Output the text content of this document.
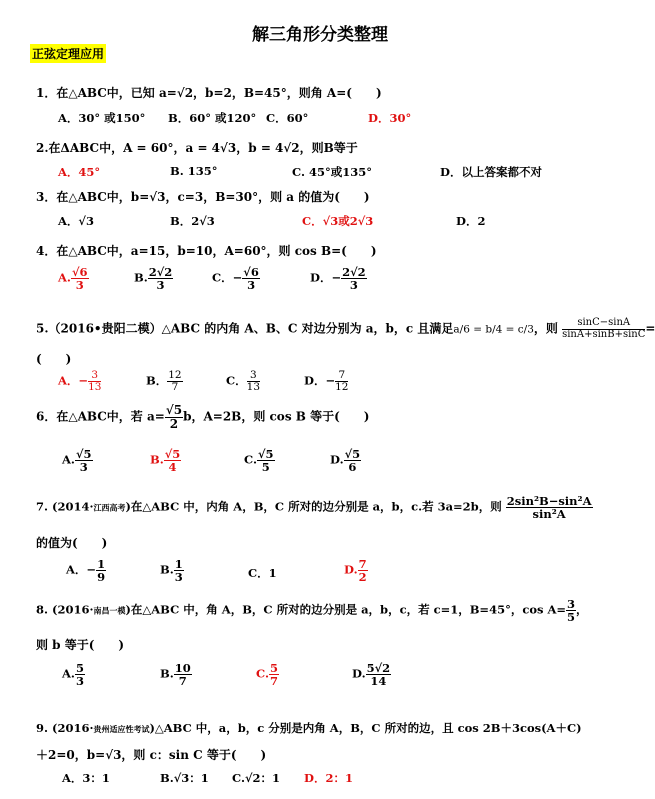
解三角形分类整理
正弦定理应用
1．在△ABC中，已知 a=√2，b=2，B=45°，则角 A=(　　)
A．30° 或150° B．60° 或120° C．60°	D．30°
2.在ΔABC中，A = 60°，a = 4√3，b = 4√2，则B等于
A．45°	B. 135°	C. 45°或135°	D．以上答案都不对
3．在△ABC中，b=√3，c=3，B=30°，则 a 的值为(　　)
A．√3	B．2√3	C．√3或2√3	D．2
4．在△ABC中，a=15，b=10，A=60°，则 cos B=(　　)
A. $\frac{√6}{3}$	B. $\frac{2√2}{3}$	C．− $\frac{√6}{3}$	D．− $\frac{2√2}{3}$
5.（2016•贵阳二模）△ABC 的内角 A、B、C 对边分别为 a，b，c 且满足a/6 = b/4 = c/3，则 $\frac{\sin C-\sin A}{\sin A+\sin B+\sin C}$ =
(　　)
A．− $\frac{3}{13}$	B． $\frac{12}{7}$	C． $\frac{3}{13}$	D．− $\frac{7}{12}$
6．在△ABC中，若 $a= \frac{√5}{2}$ b，A=2B，则 cos B 等于(　　)
A. $\frac{√5}{3}$	B. $\frac{√5}{4}$	C. $\frac{√5}{5}$	D. $\frac{√5}{6}$
7. (2014·江西高考)在△ABC 中，内角 A，B，C 所对的边分别是 a，b，c.若 3a=2b，则 $\frac{\text{2sin²B−sin²A}}{\text{sin²A}}$
的值为(　　)
A．− $\frac{1}{9}$	B. $\frac{1}{3}$	C．1	D. $\frac{7}{2}$
8. (2016·南昌一模)在△ABC 中，角 A，B，C 所对的边分别是 a，b，c，若 c=1，B=45°，$\cos A= \frac{3}{5}$ ，
则 b 等于(　　)
A. $\frac{5}{3}$	B. $\frac{10}{7}$	C. $\frac{5}{7}$	D. $\frac{5√2}{14}$
9. (2016·贵州适应性考试)△ABC 中，a，b，c 分别是内角 A，B，C 所对的边，且 cos 2B＋3cos(A＋C)
＋2=0，b=√3，则 c：sin C 等于(　　)
A．3：1	B.√3：1 C.√2：1 D．2：1
